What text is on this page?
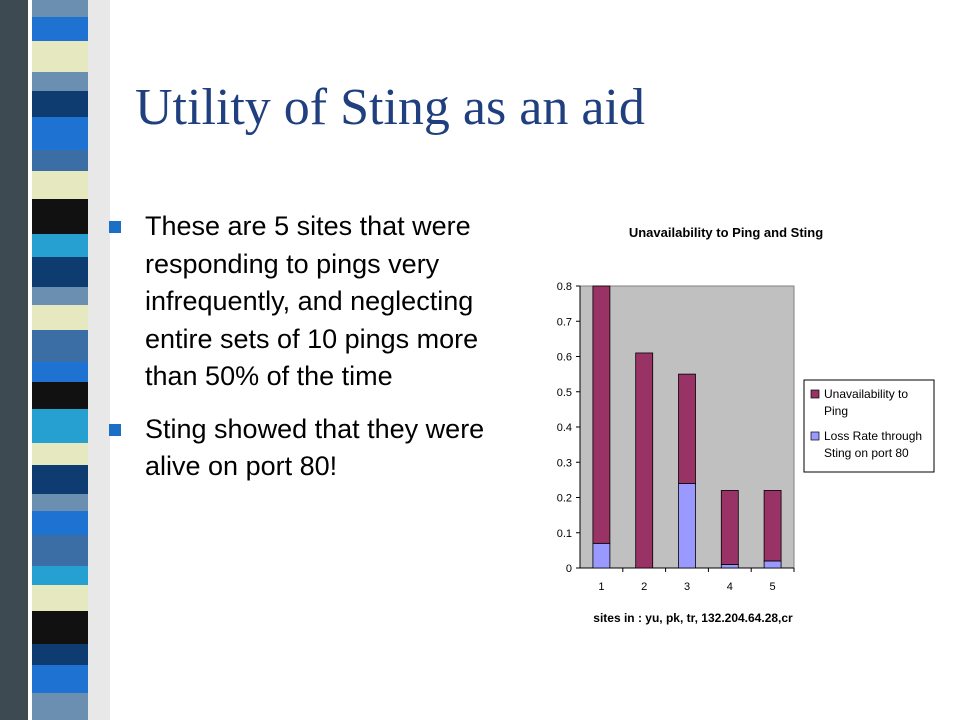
Utility of Sting as an aid
These are 5 sites that were responding to pings very infrequently, and neglecting entire sets of 10 pings more than 50% of the time
Sting showed that they were alive on port 80!
0
0.1
0.2
0.3
0.4
0.5
0.6
0.7
0.8
Unavailability to Ping and Sting
sites in : yu, pk, tr, 132.204.64.28,cr
1	2	3	4	5
Unavailability to
Ping
Loss Rate through
Sting on port 80
